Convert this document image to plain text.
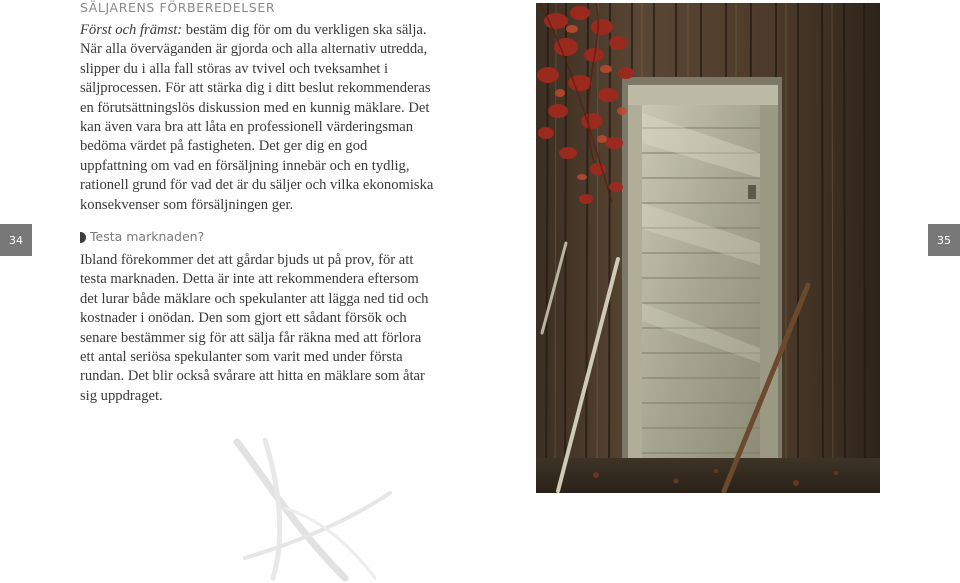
SÄLJARENS FÖRBEREDELSER

Först och främst: bestäm dig för om du verkligen ska sälja. När alla överväganden är gjorda och alla alternativ utredda, slipper du i alla fall störas av tvivel och tveksamhet i säljprocessen. För att stärka dig i ditt beslut rekommenderas en förutsättningslös diskussion med en kunnig mäklare. Det kan även vara bra att låta en professionell värderingsman bedöma värdet på fastigheten. Det ger dig en god uppfattning om vad en försäljning innebär och en tydlig, rationell grund för vad det är du säljer och vilka ekonomiska konsekvenser som försäljningen ger.

34	Testa marknaden?

Ibland förekommer det att gårdar bjuds ut på prov, för att testa marknaden. Detta är inte att rekommendera eftersom det lurar både mäklare och spekulanter att lägga ned tid och kostnader i onödan. Den som gjort ett sådant försök och senare bestämmer sig för att sälja får räkna med att förlora ett antal seriösa spekulanter som varit med under första rundan. Det blir också svårare att hitta en mäklare som åtar sig uppdraget.

35
